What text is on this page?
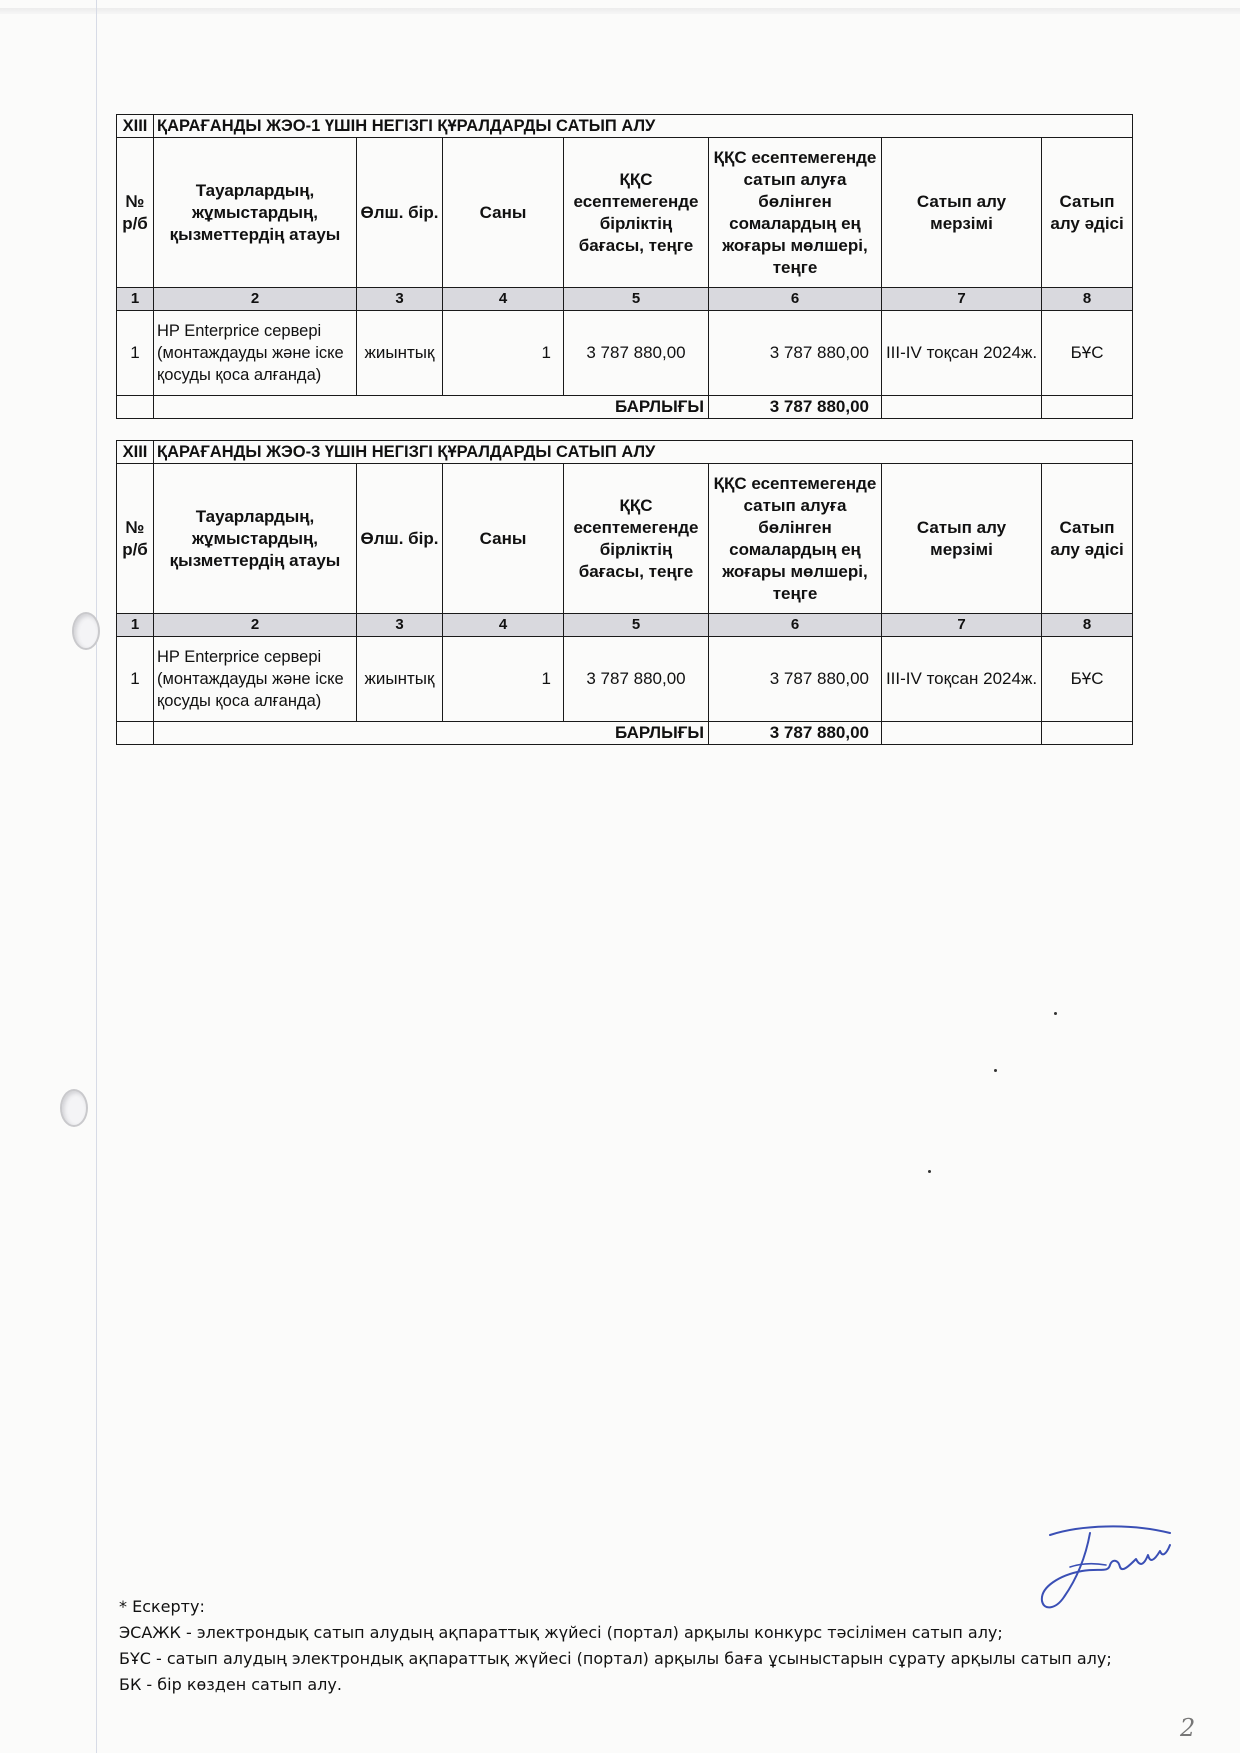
XIII	ҚАРАҒАНДЫ ЖЭО-1 ҮШІН НЕГІЗГІ ҚҰРАЛДАРДЫ САТЫП АЛУ						
№ р/б	Тауарлардың, жұмыстардың, қызметтердің атауы	Өлш. бір.	Саны	ҚҚС есептемегенде бірліктің бағасы, теңге	ҚҚС есептемегенде сатып алуға бөлінген сомалардың ең жоғары мөлшері, теңге	Сатып алу мерзімі	Сатып алу әдісі
1	2	3	4	5	6	7	8
1	HP Enterprice сервері (монтаждауды және іске қосуды қоса алғанда)	жиынтық	1	3 787 880,00	3 787 880,00	III-IV тоқсан 2024ж.	БҰС
	БАРЛЫҒЫ				3 787 880,00		
XIII	ҚАРАҒАНДЫ ЖЭО-3 ҮШІН НЕГІЗГІ ҚҰРАЛДАРДЫ САТЫП АЛУ						
№ р/б	Тауарлардың, жұмыстардың, қызметтердің атауы	Өлш. бір.	Саны	ҚҚС есептемегенде бірліктің бағасы, теңге	ҚҚС есептемегенде сатып алуға бөлінген сомалардың ең жоғары мөлшері, теңге	Сатып алу мерзімі	Сатып алу әдісі
1	2	3	4	5	6	7	8
1	HP Enterprice сервері (монтаждауды және іске қосуды қоса алғанда)	жиынтық	1	3 787 880,00	3 787 880,00	III-IV тоқсан 2024ж.	БҰС
	БАРЛЫҒЫ				3 787 880,00		
* Ескерту:
ЭСАЖК - электрондық сатып алудың ақпараттық жүйесі (портал) арқылы конкурс тәсілімен сатып алу;
БҰС - сатып алудың электрондық ақпараттық жүйесі (портал) арқылы баға ұсыныстарын сұрату арқылы сатып алу;
БК - бір көзден сатып алу.
2
